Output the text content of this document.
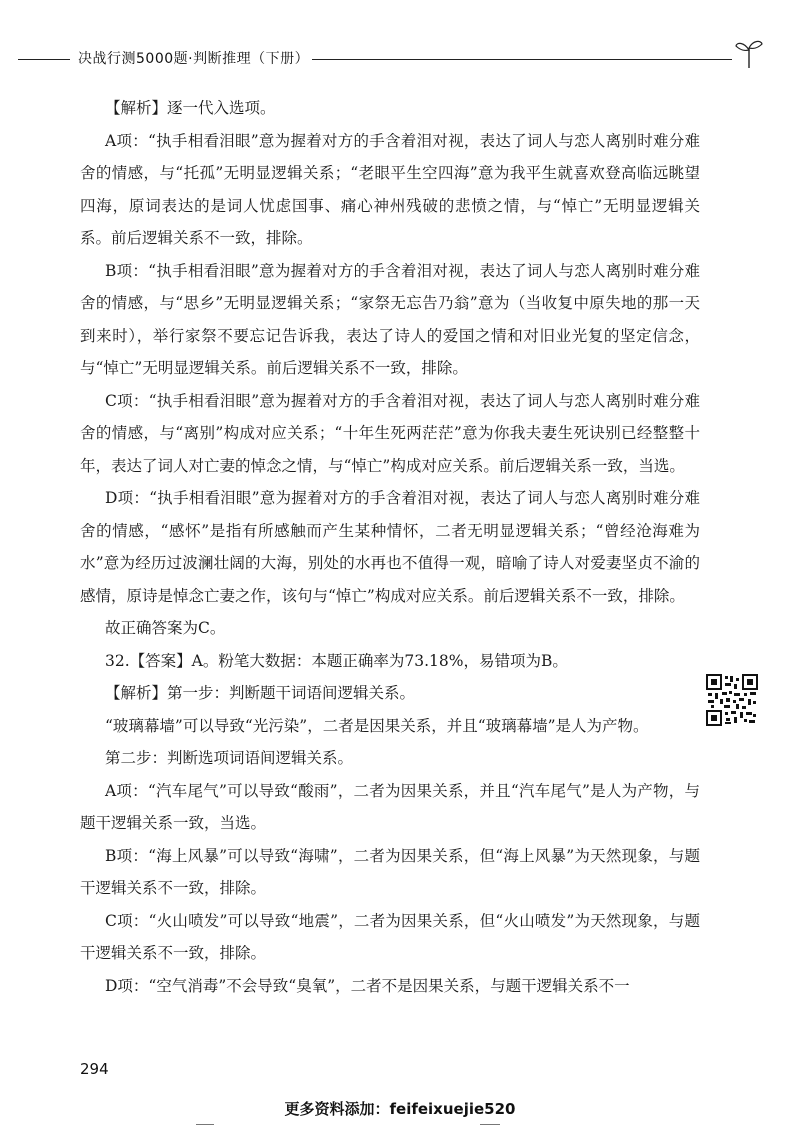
决战行测5000题·判断推理（下册）

【解析】逐一代入选项。

A项：“执手相看泪眼”意为握着对方的手含着泪对视，表达了词人与恋人离别时难分难舍的情感，与“托孤”无明显逻辑关系；“老眼平生空四海”意为我平生就喜欢登高临远眺望四海，原词表达的是词人忧虑国事、痛心神州残破的悲愤之情，与“悼亡”无明显逻辑关系。前后逻辑关系不一致，排除。

B项：“执手相看泪眼”意为握着对方的手含着泪对视，表达了词人与恋人离别时难分难舍的情感，与“思乡”无明显逻辑关系；“家祭无忘告乃翁”意为（当收复中原失地的那一天到来时），举行家祭不要忘记告诉我，表达了诗人的爱国之情和对旧业光复的坚定信念，与“悼亡”无明显逻辑关系。前后逻辑关系不一致，排除。

C项：“执手相看泪眼”意为握着对方的手含着泪对视，表达了词人与恋人离别时难分难舍的情感，与“离别”构成对应关系；“十年生死两茫茫”意为你我夫妻生死诀别已经整整十年，表达了词人对亡妻的悼念之情，与“悼亡”构成对应关系。前后逻辑关系一致，当选。

D项：“执手相看泪眼”意为握着对方的手含着泪对视，表达了词人与恋人离别时难分难舍的情感，“感怀”是指有所感触而产生某种情怀，二者无明显逻辑关系；“曾经沧海难为水”意为经历过波澜壮阔的大海，别处的水再也不值得一观，暗喻了诗人对爱妻坚贞不渝的感情，原诗是悼念亡妻之作，该句与“悼亡”构成对应关系。前后逻辑关系不一致，排除。

故正确答案为C。

32.【答案】A。粉笔大数据：本题正确率为73.18%，易错项为B。

【解析】第一步：判断题干词语间逻辑关系。

“玻璃幕墙”可以导致“光污染”，二者是因果关系，并且“玻璃幕墙”是人为产物。

第二步：判断选项词语间逻辑关系。

A项：“汽车尾气”可以导致“酸雨”，二者为因果关系，并且“汽车尾气”是人为产物，与题干逻辑关系一致，当选。

B项：“海上风暴”可以导致“海啸”，二者为因果关系，但“海上风暴”为天然现象，与题干逻辑关系不一致，排除。

C项：“火山喷发”可以导致“地震”，二者为因果关系，但“火山喷发”为天然现象，与题干逻辑关系不一致，排除。

D项：“空气消毒”不会导致“臭氧”，二者不是因果关系，与题干逻辑关系不一

294
更多资料添加：feifeixuejie520
